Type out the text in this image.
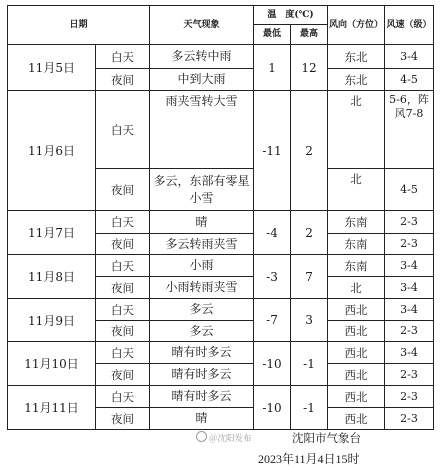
日期		天气现象	温　度(℃)		风向（方位）	风速（级）
			最低	最高		
11月5日	白天	多云转中雨	1	12	东北	3-4
	夜间	中到大雨			东北	4-5
11月6日	白天	雨夹雪转大雪	-11	2	北	5-6，阵风7-8
	夜间	多云，东部有零星小雪			北	4-5
11月7日	白天	晴	-4	2	东南	2-3
	夜间	多云转雨夹雪			东南	2-3
11月8日	白天	小雨	-3	7	东南	3-4
	夜间	小雨转雨夹雪			北	3-4
11月9日	白天	多云	-7	3	西北	3-4
	夜间	多云			西北	2-3
11月10日	白天	晴有时多云	-10	-1	西北	3-4
	夜间	晴有时多云			西北	2-3
11月11日	白天	晴有时多云	-10	-1	西北	2-3
	夜间	晴			西北	2-3
＠沈阳发布	沈阳市气象台
2023年11月4日15时
